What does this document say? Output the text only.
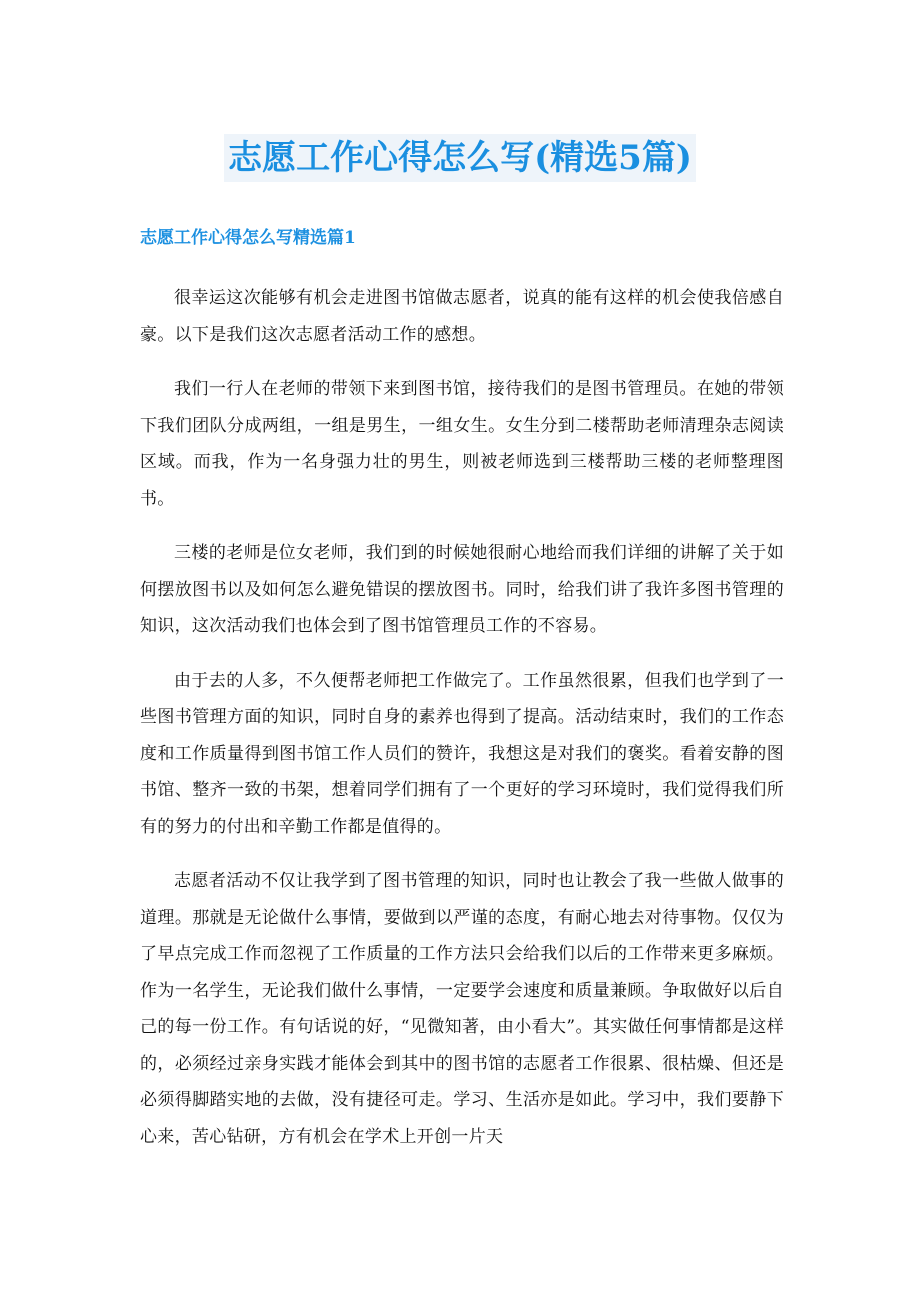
志愿工作心得怎么写(精选5篇)
志愿工作心得怎么写精选篇1

很幸运这次能够有机会走进图书馆做志愿者，说真的能有这样的机会使我倍感自豪。以下是我们这次志愿者活动工作的感想。

我们一行人在老师的带领下来到图书馆，接待我们的是图书管理员。在她的带领下我们团队分成两组，一组是男生，一组女生。女生分到二楼帮助老师清理杂志阅读区域。而我，作为一名身强力壮的男生，则被老师选到三楼帮助三楼的老师整理图书。

三楼的老师是位女老师，我们到的时候她很耐心地给而我们详细的讲解了关于如何摆放图书以及如何怎么避免错误的摆放图书。同时，给我们讲了我许多图书管理的知识，这次活动我们也体会到了图书馆管理员工作的不容易。

由于去的人多，不久便帮老师把工作做完了。工作虽然很累，但我们也学到了一些图书管理方面的知识，同时自身的素养也得到了提高。活动结束时，我们的工作态度和工作质量得到图书馆工作人员们的赞许，我想这是对我们的褒奖。看着安静的图书馆、整齐一致的书架，想着同学们拥有了一个更好的学习环境时，我们觉得我们所有的努力的付出和辛勤工作都是值得的。

志愿者活动不仅让我学到了图书管理的知识，同时也让教会了我一些做人做事的道理。那就是无论做什么事情，要做到以严谨的态度，有耐心地去对待事物。仅仅为了早点完成工作而忽视了工作质量的工作方法只会给我们以后的工作带来更多麻烦。作为一名学生，无论我们做什么事情，一定要学会速度和质量兼顾。争取做好以后自己的每一份工作。有句话说的好，“见微知著，由小看大”。其实做任何事情都是这样的，必须经过亲身实践才能体会到其中的图书馆的志愿者工作很累、很枯燥、但还是必须得脚踏实地的去做，没有捷径可走。学习、生活亦是如此。学习中，我们要静下心来，苦心钻研，方有机会在学术上开创一片天
